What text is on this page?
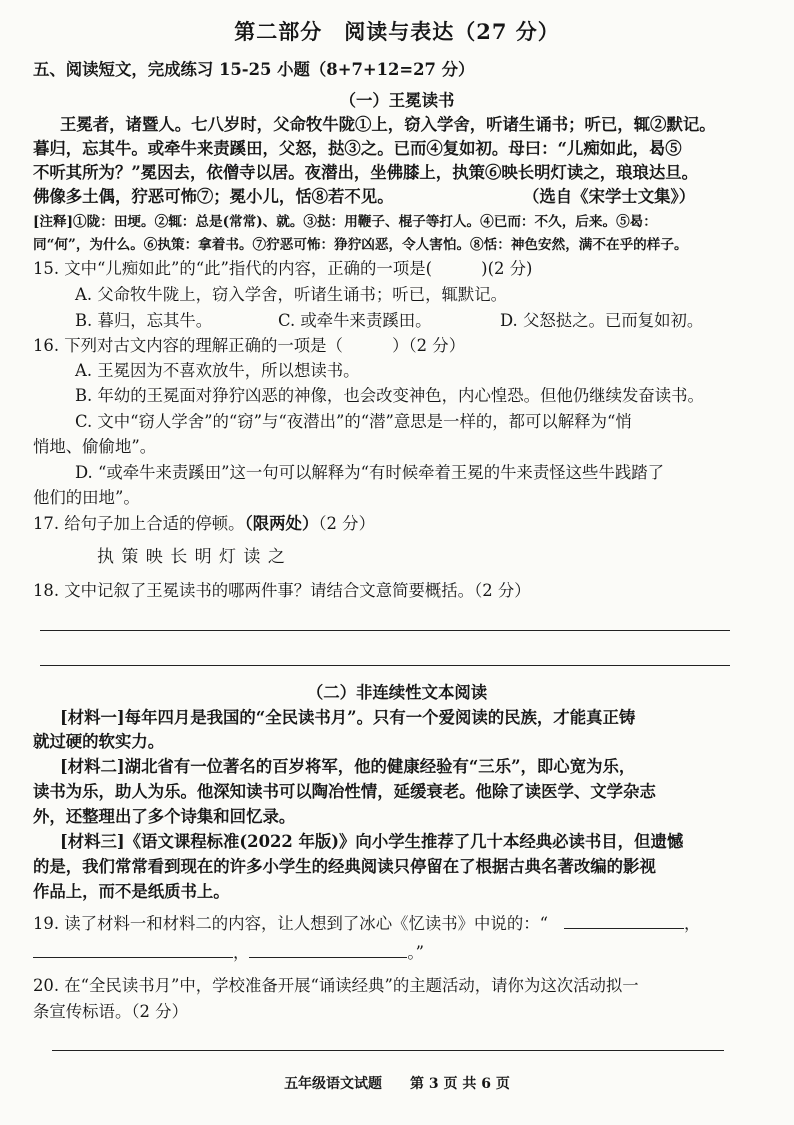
第二部分　阅读与表达（27 分）
五、阅读短文，完成练习 15-25 小题（8+7+12=27 分）
（一）王冕读书
王冕者，诸暨人。七八岁时，父命牧牛陇①上，窃入学舍，听诸生诵书；听已，辄②默记。
暮归，忘其牛。或牵牛来责蹊田，父怒，挞③之。已而④复如初。母曰：“儿痴如此，曷⑤
不听其所为？”冕因去，依僧寺以居。夜潜出，坐佛膝上，执策⑥映长明灯读之，琅琅达旦。
佛像多土偶，狞恶可怖⑦；冕小儿，恬⑧若不见。	（选自《宋学士文集》）
[注释]①陇：田埂。②辄：总是(常常)、就。③挞：用鞭子、棍子等打人。④已而：不久，后来。⑤曷：
同“何”，为什么。⑥执策：拿着书。⑦狞恶可怖：狰狞凶恶，令人害怕。⑧恬：神色安然，满不在乎的样子。
15. 文中“儿痴如此”的“此”指代的内容，正确的一项是(　　　)(2 分)
A. 父命牧牛陇上，窃入学舍，听诸生诵书；听已，辄默记。
B. 暮归，忘其牛。	C. 或牵牛来责蹊田。	D. 父怒挞之。已而复如初。
16. 下列对古文内容的理解正确的一项是（　　　）（2 分）
A. 王冕因为不喜欢放牛，所以想读书。
B. 年幼的王冕面对狰狞凶恶的神像，也会改变神色，内心惶恐。但他仍继续发奋读书。
C. 文中“窃人学舍”的“窃”与“夜潜出”的“潜”意思是一样的，都可以解释为“悄
悄地、偷偷地”。
D. “或牵牛来责蹊田”这一句可以解释为“有时候牵着王冕的牛来责怪这些牛践踏了
他们的田地”。
17. 给句子加上合适的停顿。（限两处）（2 分）
执 策 映 长 明 灯 读 之
18. 文中记叙了王冕读书的哪两件事？请结合文意简要概括。（2 分）
（二）非连续性文本阅读
[材料一]每年四月是我国的“全民读书月”。只有一个爱阅读的民族，才能真正铸
就过硬的软实力。
[材料二]湖北省有一位著名的百岁将军，他的健康经验有“三乐”，即心宽为乐，
读书为乐，助人为乐。他深知读书可以陶冶性情，延缓衰老。他除了读医学、文学杂志
外，还整理出了多个诗集和回忆录。
[材料三]《语文课程标准(2022 年版)》向小学生推荐了几十本经典必读书目，但遗憾
的是，我们常常看到现在的许多小学生的经典阅读只停留在了根据古典名著改编的影视
作品上，而不是纸质书上。
19. 读了材料一和材料二的内容，让人想到了冰心《忆读书》中说的：“	，
，	。”
20. 在“全民读书月”中，学校准备开展“诵读经典”的主题活动，请你为这次活动拟一
条宣传标语。（2 分）
五年级语文试题　　第 3 页 共 6 页
